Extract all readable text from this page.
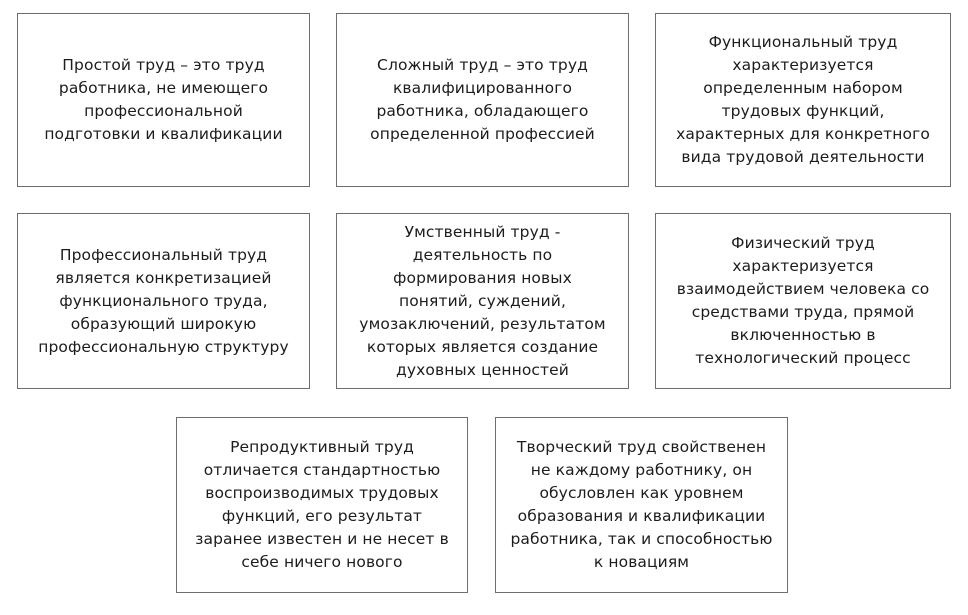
Простой труд – это труд
работника, не имеющего
профессиональной
подготовки и квалификации
Сложный труд – это труд
квалифицированного
работника, обладающего
определенной профессией
Функциональный труд
характеризуется
определенным набором
трудовых функций,
характерных для конкретного
вида трудовой деятельности
Профессиональный труд
является конкретизацией
функционального труда,
образующий широкую
профессиональную структуру
Умственный труд -
деятельность по
формирования новых
понятий, суждений,
умозаключений, результатом
которых является создание
духовных ценностей
Физический труд
характеризуется
взаимодействием человека со
средствами труда, прямой
включенностью в
технологический процесс
Репродуктивный труд
отличается стандартностью
воспроизводимых трудовых
функций, его результат
заранее известен и не несет в
себе ничего нового
Творческий труд свойственен
не каждому работнику, он
обусловлен как уровнем
образования и квалификации
работника, так и способностью
к новациям
